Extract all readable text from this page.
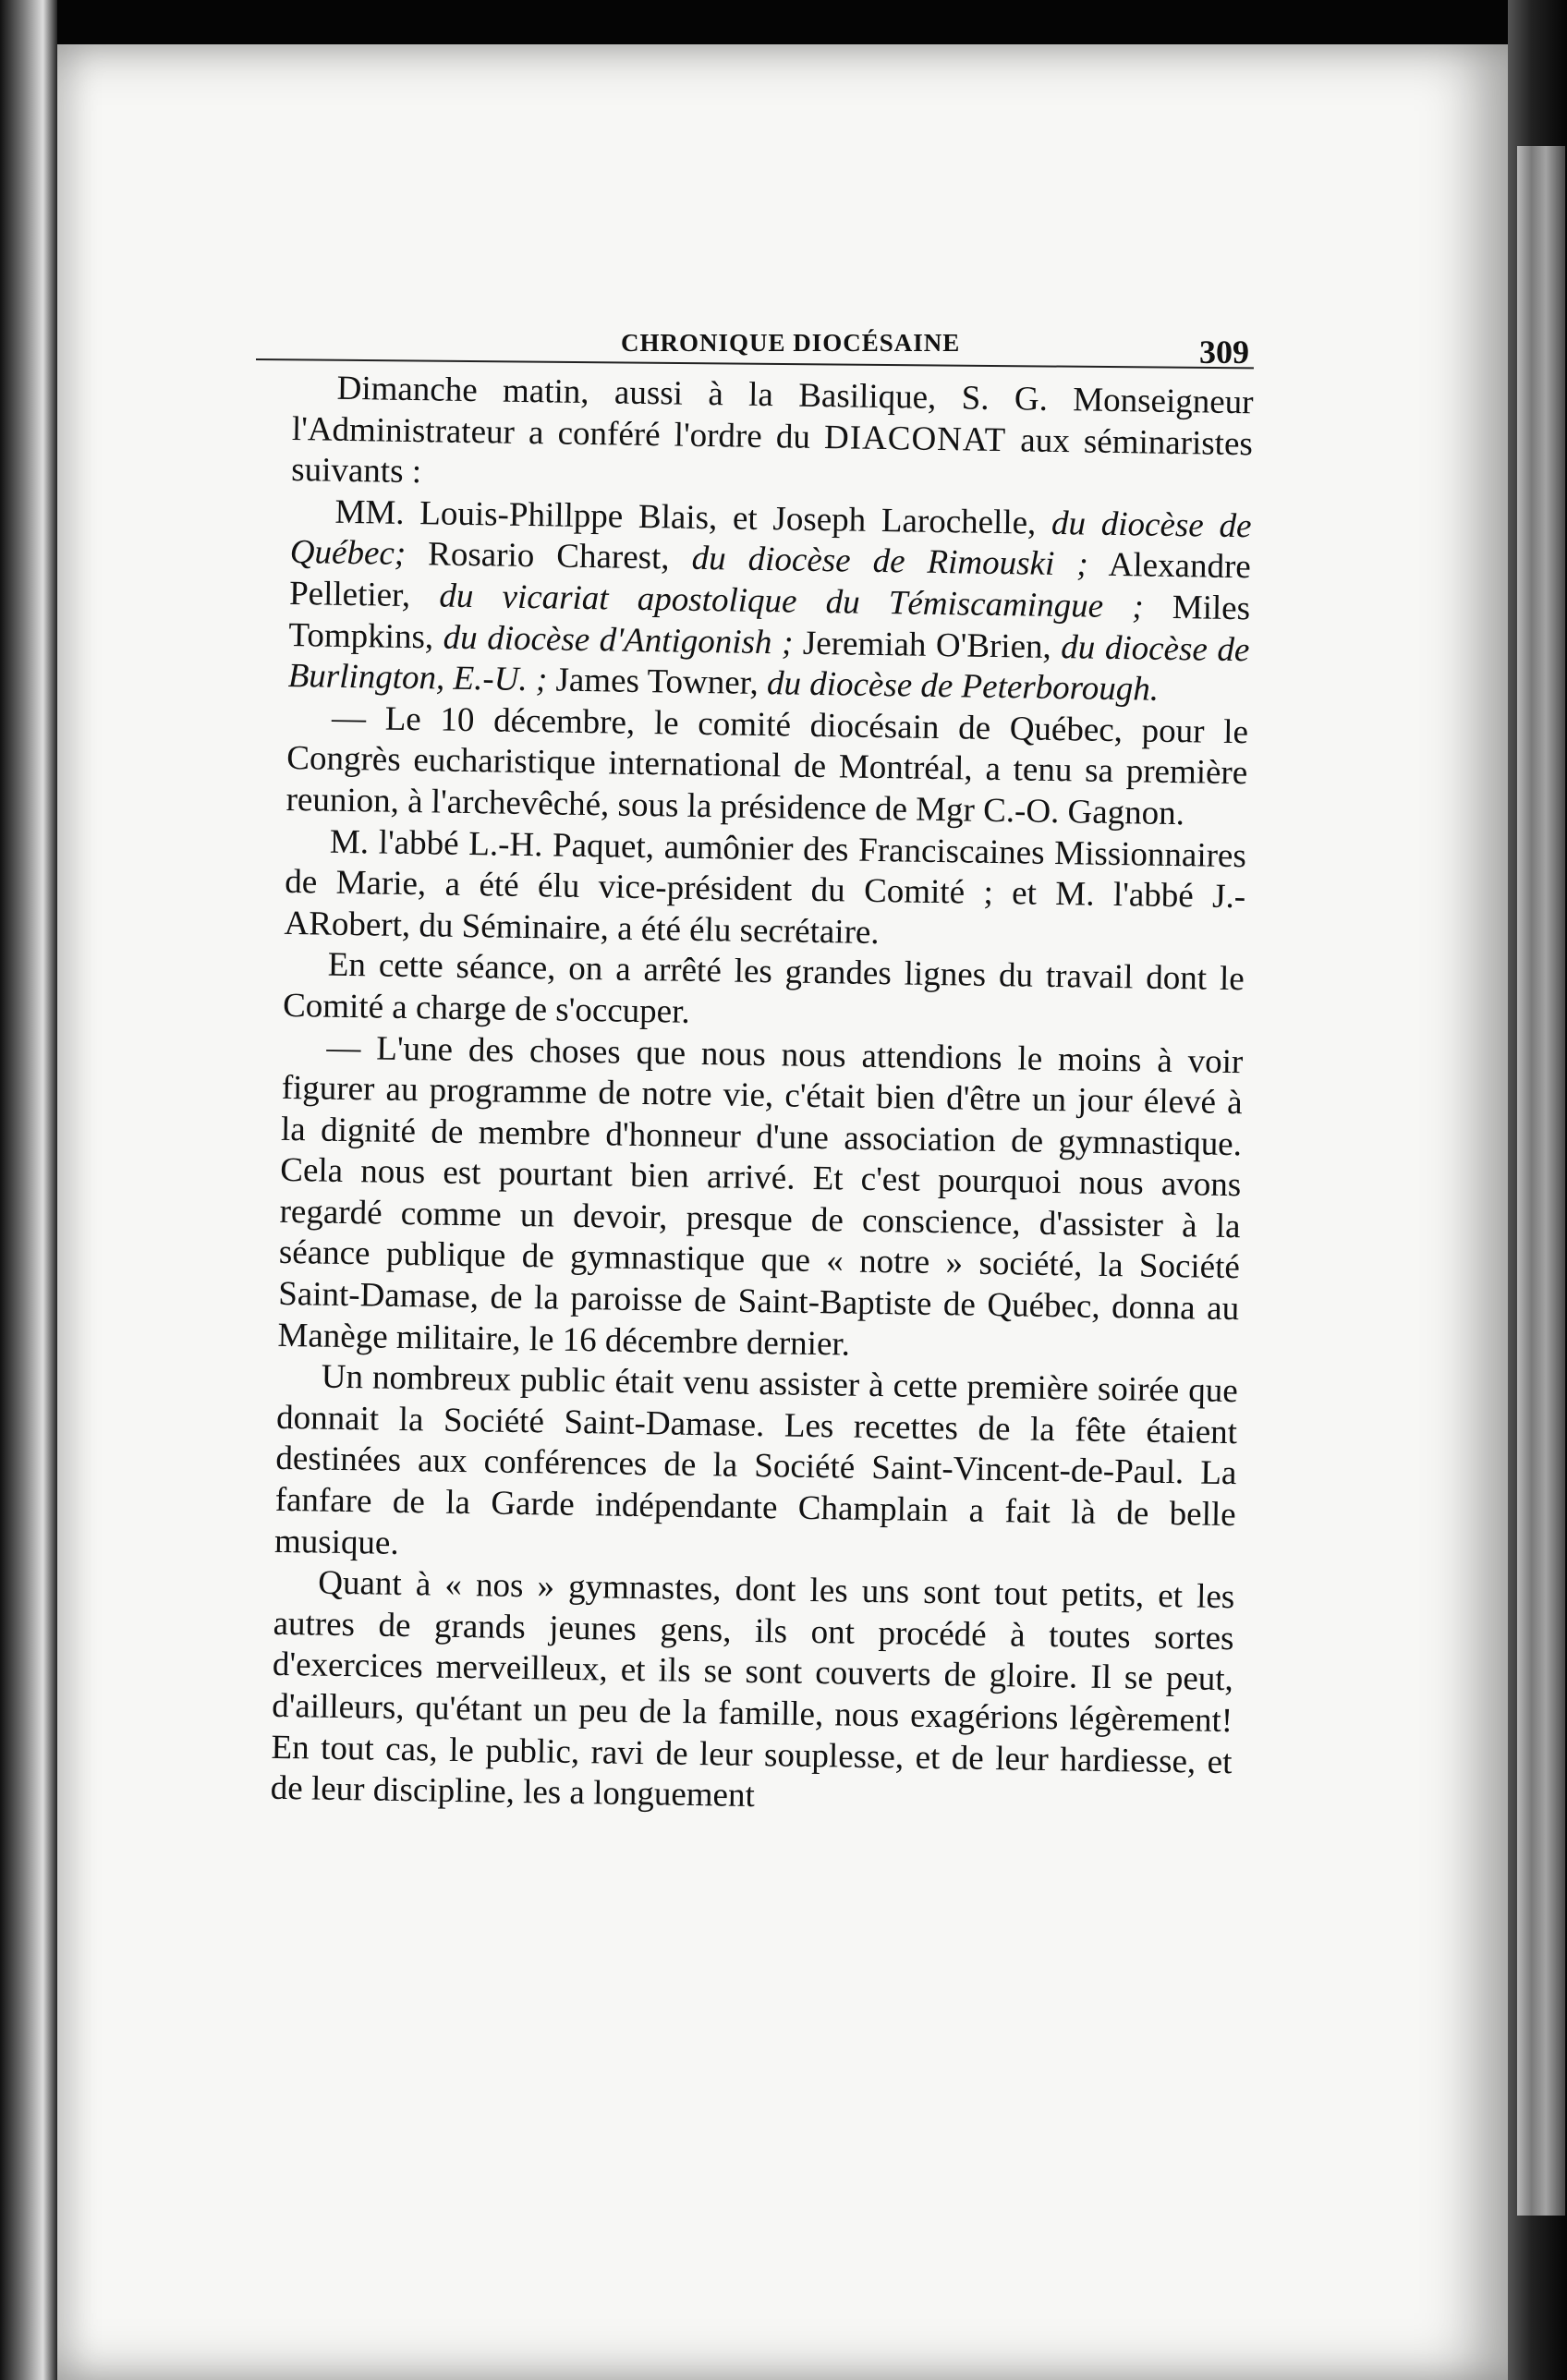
CHRONIQUE DIOCÉSAINE	309

Dimanche matin, aussi à la Basilique, S. G. Monseigneur l'Administrateur a conféré l'ordre du DIACONAT aux séminaristes suivants :

MM. Louis-Phillppe Blais, et Joseph Larochelle, du diocèse de Québec; Rosario Charest, du diocèse de Rimouski ; Alexandre Pelletier, du vicariat apostolique du Témiscamingue ; Miles Tompkins, du diocèse d'Antigonish ; Jeremiah O'Brien, du diocèse de Burlington, E.-U. ; James Towner, du diocèse de Peterborough.

— Le 10 décembre, le comité diocésain de Québec, pour le Congrès eucharistique international de Montréal, a tenu sa première reunion, à l'archevêché, sous la présidence de Mgr C.-O. Gagnon.

M. l'abbé L.-H. Paquet, aumônier des Franciscaines Missionnaires de Marie, a été élu vice-président du Comité ; et M. l'abbé J.-ARobert, du Séminaire, a été élu secrétaire.

En cette séance, on a arrêté les grandes lignes du travail dont le Comité a charge de s'occuper.

— L'une des choses que nous nous attendions le moins à voir figurer au programme de notre vie, c'était bien d'être un jour élevé à la dignité de membre d'honneur d'une association de gymnastique. Cela nous est pourtant bien arrivé. Et c'est pourquoi nous avons regardé comme un devoir, presque de conscience, d'assister à la séance publique de gymnastique que « notre » société, la Société Saint-Damase, de la paroisse de Saint-Baptiste de Québec, donna au Manège militaire, le 16 décembre dernier.

Un nombreux public était venu assister à cette première soirée que donnait la Société Saint-Damase. Les recettes de la fête étaient destinées aux conférences de la Société Saint-Vincent-de-Paul. La fanfare de la Garde indépendante Champlain a fait là de belle musique.

Quant à « nos » gymnastes, dont les uns sont tout petits, et les autres de grands jeunes gens, ils ont procédé à toutes sortes d'exercices merveilleux, et ils se sont couverts de gloire. Il se peut, d'ailleurs, qu'étant un peu de la famille, nous exagérions légèrement! En tout cas, le public, ravi de leur souplesse, et de leur hardiesse, et de leur discipline, les a longuement
